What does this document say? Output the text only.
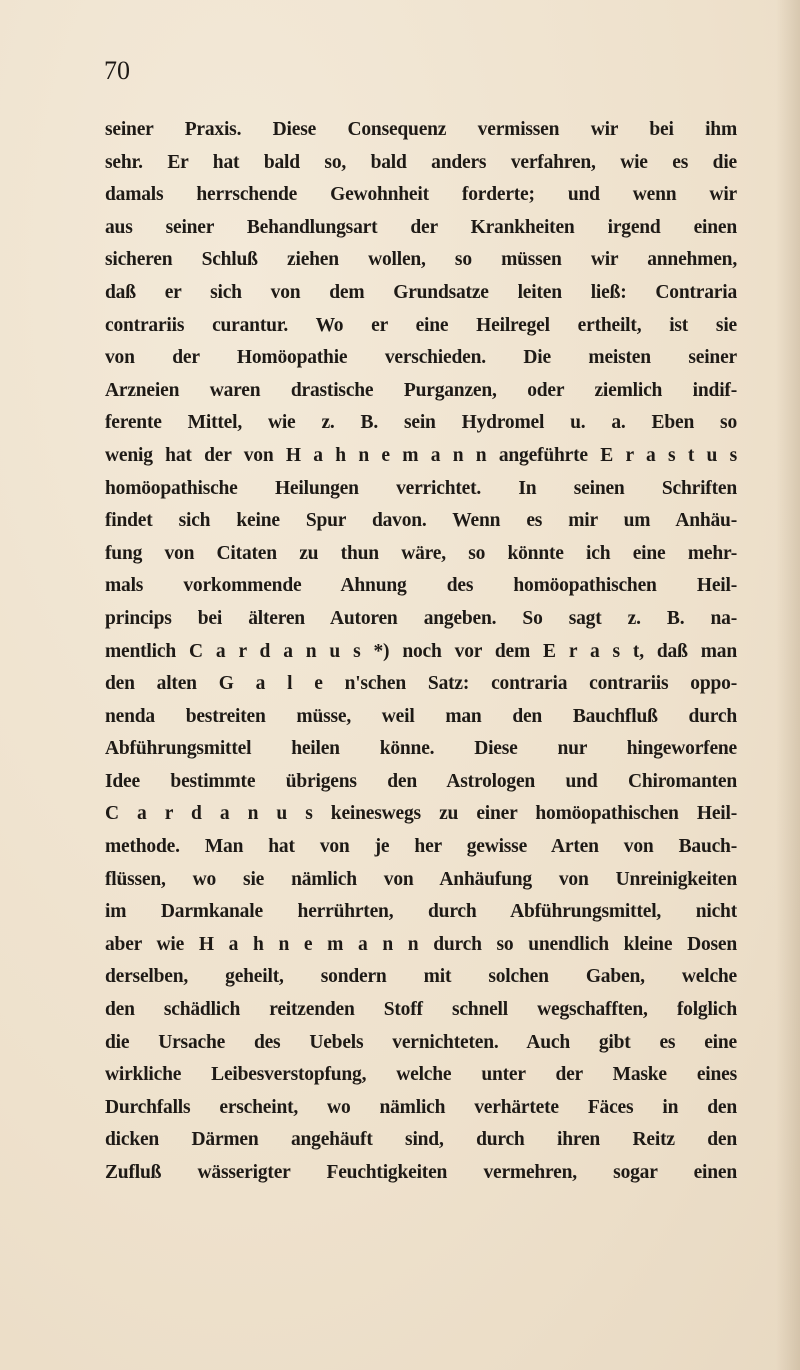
70
seiner Praxis. Diese Consequenz vermissen wir bei ihm
sehr. Er hat bald so, bald anders verfahren, wie es die
damals herrschende Gewohnheit forderte; und wenn wir
aus seiner Behandlungsart der Krankheiten irgend einen
sicheren Schluß ziehen wollen, so müssen wir annehmen,
daß er sich von dem Grundsatze leiten ließ: Contraria
contrariis curantur. Wo er eine Heilregel ertheilt, ist sie
von der Homöopathie verschieden. Die meisten seiner
Arzneien waren drastische Purganzen, oder ziemlich indif-
ferente Mittel, wie z. B. sein Hydromel u. a. Eben so
wenig hat der von H a h n e m a n n angeführte E r a s t u s
homöopathische Heilungen verrichtet. In seinen Schriften
findet sich keine Spur davon. Wenn es mir um Anhäu-
fung von Citaten zu thun wäre, so könnte ich eine mehr-
mals vorkommende Ahnung des homöopathischen Heil-
princips bei älteren Autoren angeben. So sagt z. B. na-
mentlich C a r d a n u s *) noch vor dem E r a s t, daß man
den alten G a l e n'schen Satz: contraria contrariis oppo-
nenda bestreiten müsse, weil man den Bauchfluß durch
Abführungsmittel heilen könne. Diese nur hingeworfene
Idee bestimmte übrigens den Astrologen und Chiromanten
C a r d a n u s keineswegs zu einer homöopathischen Heil-
methode. Man hat von je her gewisse Arten von Bauch-
flüssen, wo sie nämlich von Anhäufung von Unreinigkeiten
im Darmkanale herrührten, durch Abführungsmittel, nicht
aber wie H a h n e m a n n durch so unendlich kleine Dosen
derselben, geheilt, sondern mit solchen Gaben, welche
den schädlich reitzenden Stoff schnell wegschafften, folglich
die Ursache des Uebels vernichteten. Auch gibt es eine
wirkliche Leibesverstopfung, welche unter der Maske eines
Durchfalls erscheint, wo nämlich verhärtete Fäces in den
dicken Därmen angehäuft sind, durch ihren Reitz den
Zufluß wässerigter Feuchtigkeiten vermehren, sogar einen
